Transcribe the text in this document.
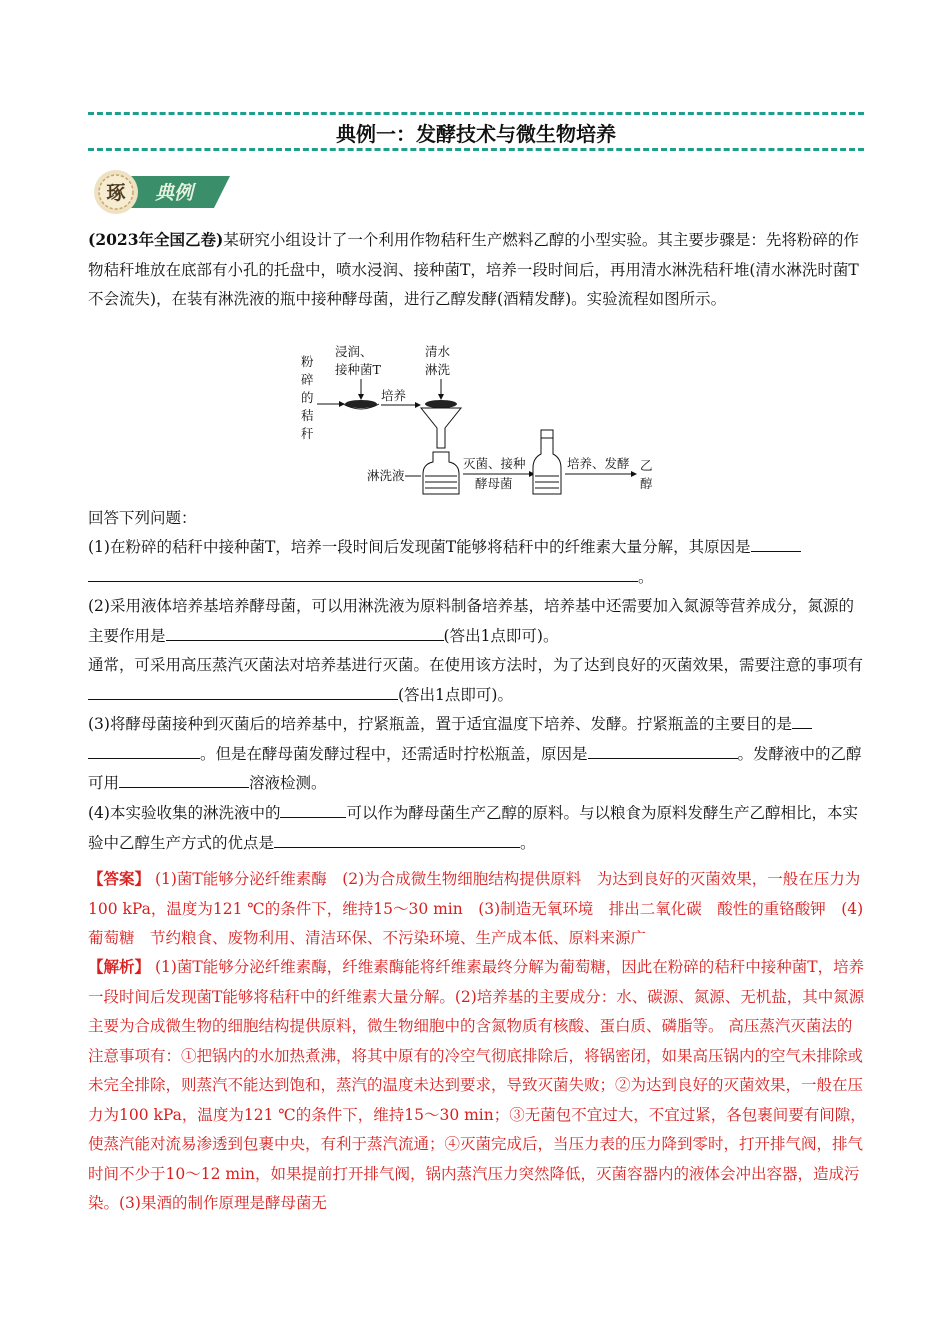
典例一：发酵技术与微生物培养
琢 典例
(2023年全国乙卷)某研究小组设计了一个利用作物秸秆生产燃料乙醇的小型实验。其主要步骤是：先将粉碎的作物秸秆堆放在底部有小孔的托盘中，喷水浸润、接种菌T，培养一段时间后，再用清水淋洗秸秆堆(清水淋洗时菌T不会流失)，在装有淋洗液的瓶中接种酵母菌，进行乙醇发酵(酒精发酵)。实验流程如图所示。
粉
碎
的
秸
秆
浸润、
接种菌T
培养
清水
淋洗
淋洗液
灭菌、接种
酵母菌
培养、发酵 乙
醇
回答下列问题：
(1)在粉碎的秸秆中接种菌T，培养一段时间后发现菌T能够将秸秆中的纤维素大量分解，其原因是
。
(2)采用液体培养基培养酵母菌，可以用淋洗液为原料制备培养基，培养基中还需要加入氮源等营养成分，氮源的主要作用是	(答出1点即可)。
通常，可采用高压蒸汽灭菌法对培养基进行灭菌。在使用该方法时，为了达到良好的灭菌效果，需要注意的事项有(答出1点即可)。
(3)将酵母菌接种到灭菌后的培养基中，拧紧瓶盖，置于适宜温度下培养、发酵。拧紧瓶盖的主要目的是
。但是在酵母菌发酵过程中，还需适时拧松瓶盖，原因是	。发酵液中的乙醇可用	溶液检测。
(4)本实验收集的淋洗液中的	可以作为酵母菌生产乙醇的原料。与以粮食为原料发酵生产乙醇相比，本实验中乙醇生产方式的优点是	。
【答案】 (1)菌T能够分泌纤维素酶　(2)为合成微生物细胞结构提供原料　为达到良好的灭菌效果，一般在压力为100 kPa，温度为121 ℃的条件下，维持15～30 min　(3)制造无氧环境　排出二氧化碳　酸性的重铬酸钾　(4)葡萄糖　节约粮食、废物利用、清洁环保、不污染环境、生产成本低、原料来源广
【解析】 (1)菌T能够分泌纤维素酶，纤维素酶能将纤维素最终分解为葡萄糖，因此在粉碎的秸秆中接种菌T，培养一段时间后发现菌T能够将秸秆中的纤维素大量分解。(2)培养基的主要成分：水、碳源、氮源、无机盐，其中氮源主要为合成微生物的细胞结构提供原料，微生物细胞中的含氮物质有核酸、蛋白质、磷脂等。 高压蒸汽灭菌法的注意事项有：①把锅内的水加热煮沸，将其中原有的冷空气彻底排除后，将锅密闭，如果高压锅内的空气未排除或未完全排除，则蒸汽不能达到饱和，蒸汽的温度未达到要求，导致灭菌失败；②为达到良好的灭菌效果，一般在压力为100 kPa，温度为121 ℃的条件下，维持15～30 min；③无菌包不宜过大，不宜过紧，各包裹间要有间隙，使蒸汽能对流易渗透到包裹中央，有利于蒸汽流通；④灭菌完成后，当压力表的压力降到零时，打开排气阀，排气时间不少于10～12 min，如果提前打开排气阀，锅内蒸汽压力突然降低，灭菌容器内的液体会冲出容器，造成污染。(3)果酒的制作原理是酵母菌无
